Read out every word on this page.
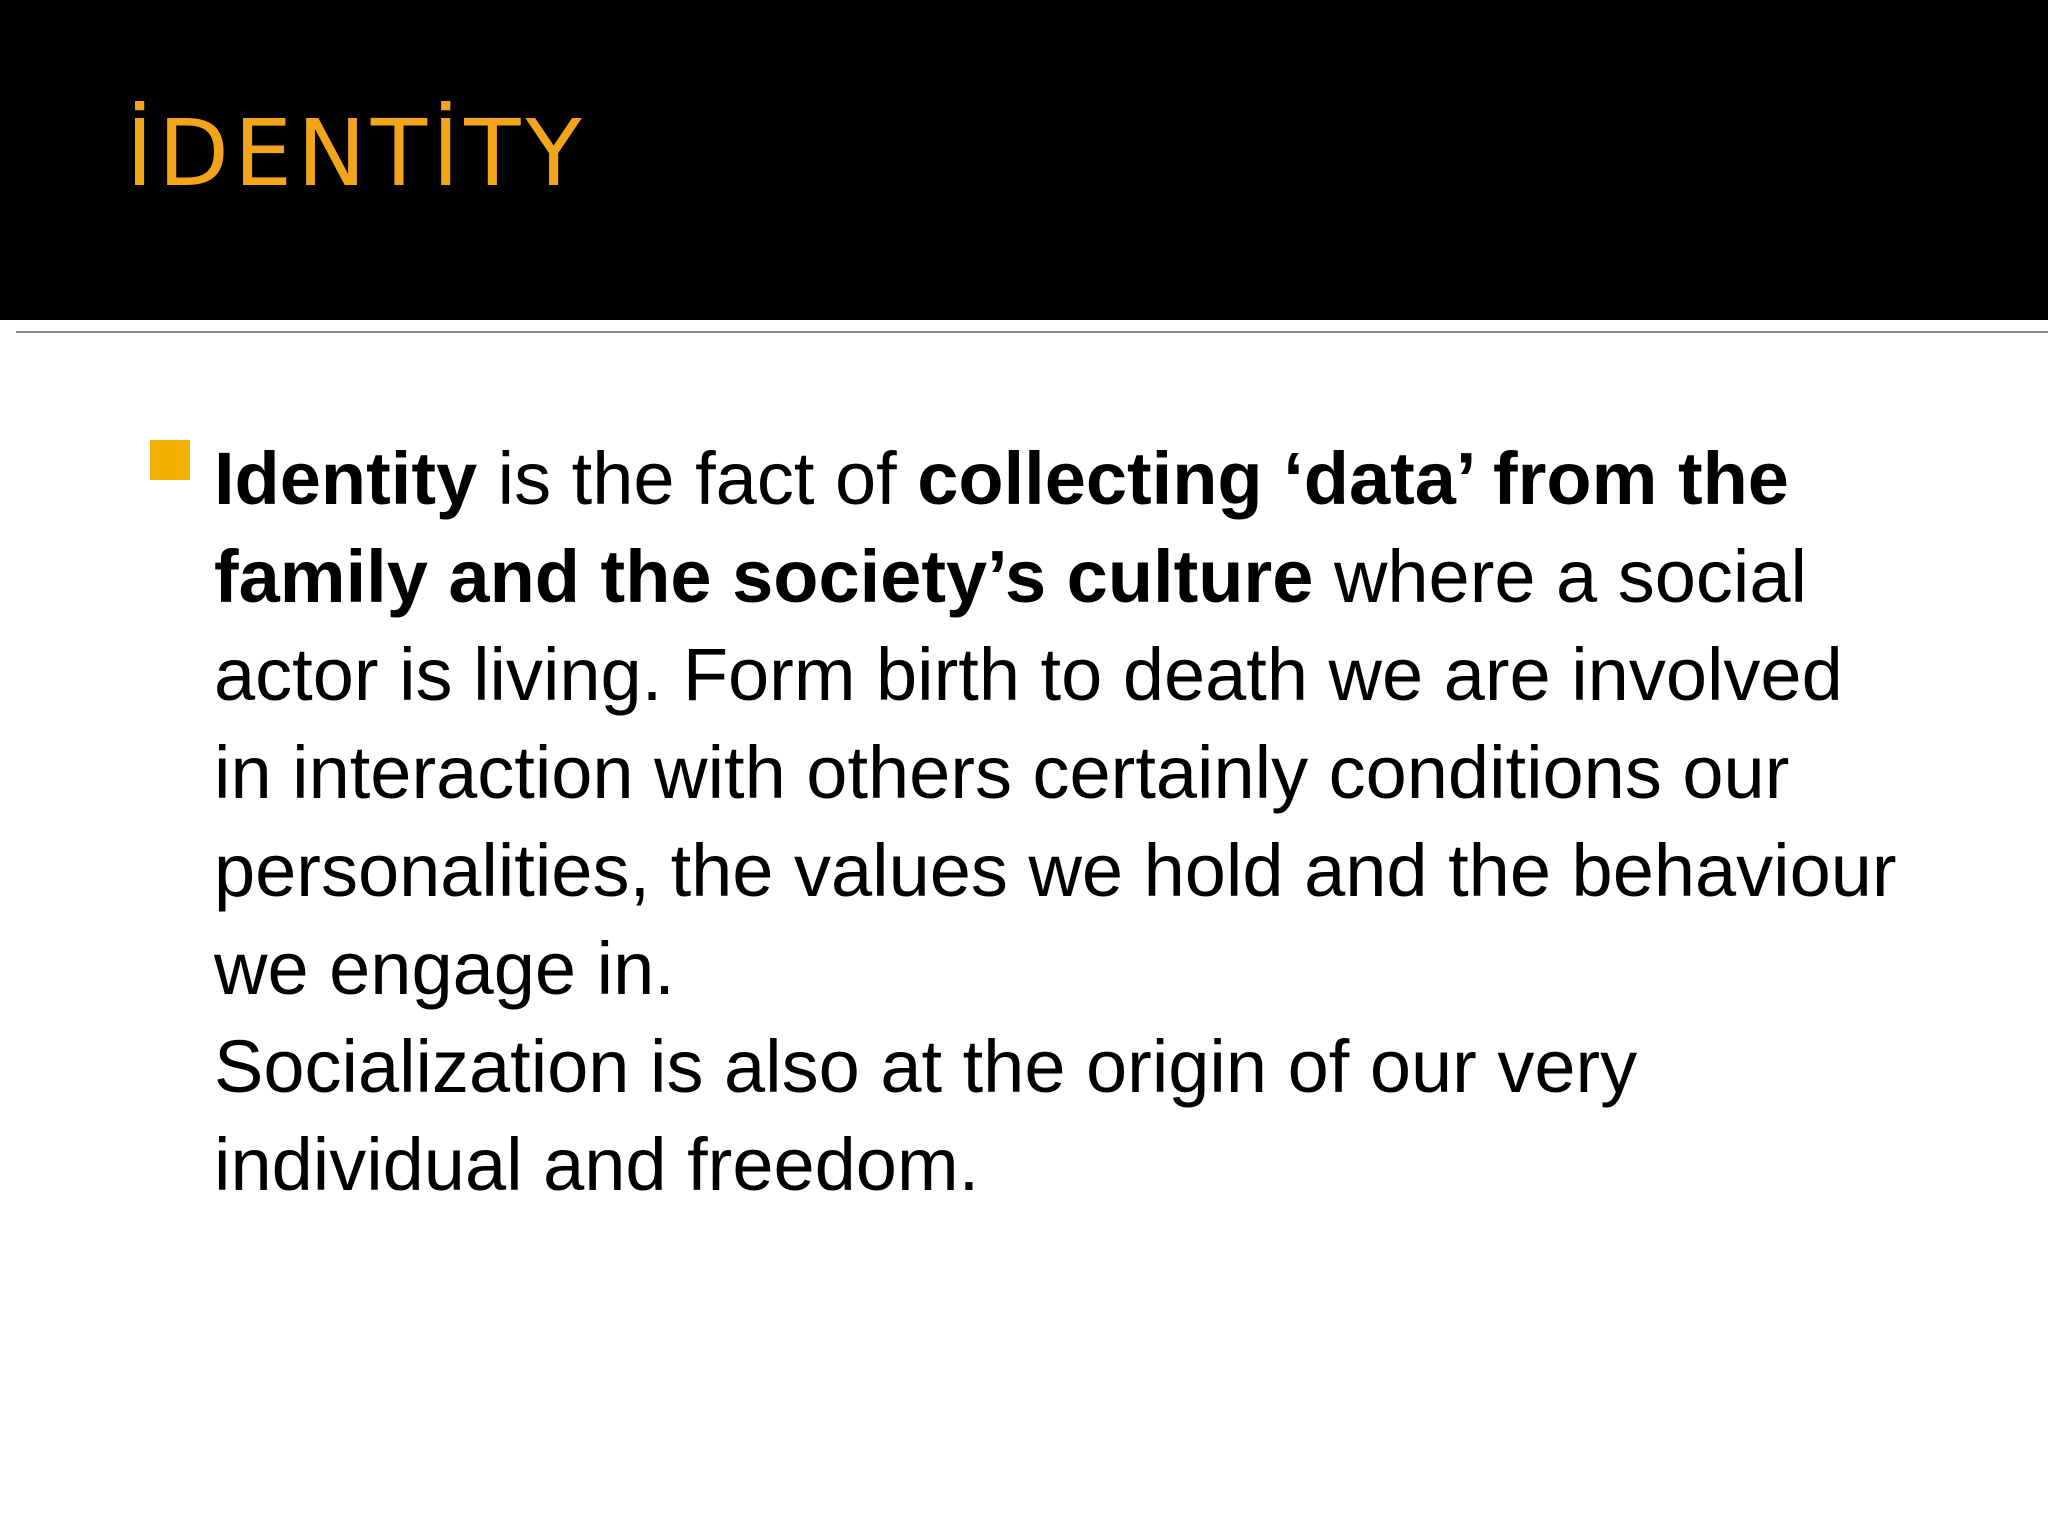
İDENTİTY
Identity is the fact of collecting ‘data’ from the family and the society’s culture where a social actor is living. Form birth to death we are involved in interaction with others certainly conditions our personalities, the values we hold and the behaviour we engage in.
Socialization is also at the origin of our very individual and freedom.
